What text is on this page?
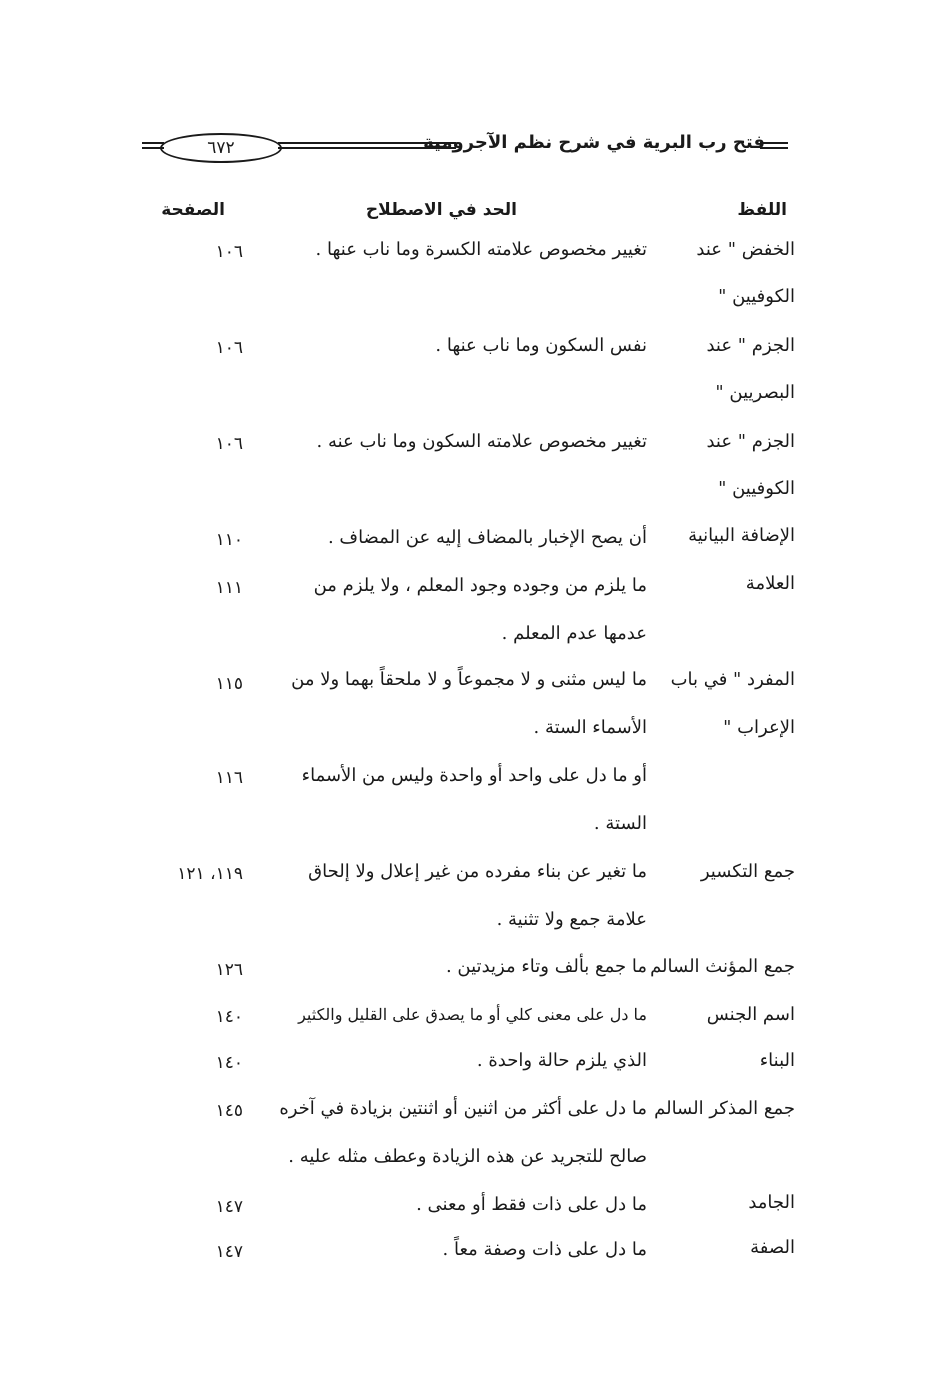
فتح رب البرية في شرح نظم الآجرومية
٦٧٢
اللفظ
الحد في الاصطلاح
الصفحة
الخفض " عند
تغيير مخصوص علامته الكسرة وما ناب عنها .
١٠٦
الكوفيين "
الجزم " عند
نفس السكون وما ناب عنها .
١٠٦
البصريين "
الجزم " عند
تغيير مخصوص علامته السكون وما ناب عنه .
١٠٦
الكوفيين "
الإضافة البيانية
أن يصح الإخبار بالمضاف إليه عن المضاف .
١١٠
العلامة
ما يلزم من وجوده وجود المعلم ، ولا يلزم من
١١١
عدمها عدم المعلم .
المفرد " في باب
ما ليس مثنى و لا مجموعاً و لا ملحقاً بهما ولا من
١١٥
الإعراب "
الأسماء الستة .
أو ما دل على واحد أو واحدة وليس من الأسماء
١١٦
الستة .
جمع التكسير
ما تغير عن بناء مفرده من غير إعلال ولا إلحاق
١١٩، ١٢١
علامة جمع ولا تثنية .
جمع المؤنث السالم
ما جمع بألف وتاء مزيدتين .
١٢٦
اسم الجنس
ما دل على معنى كلي أو ما يصدق على القليل والكثير
١٤٠
البناء
الذي يلزم حالة واحدة .
١٤٠
جمع المذكر السالم
ما دل على أكثر من اثنين أو اثنتين بزيادة في آخره
١٤٥
صالح للتجريد عن هذه الزيادة وعطف مثله عليه .
الجامد
ما دل على ذات فقط أو معنى .
١٤٧
الصفة
ما دل على ذات وصفة معاً .
١٤٧
